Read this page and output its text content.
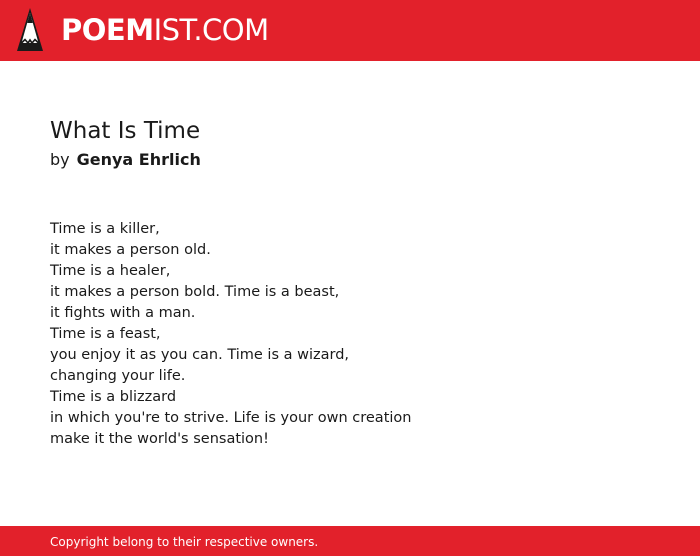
POEMIST.COM
What Is Time
by Genya Ehrlich
Time is a killer,
it makes a person old.
Time is a healer,
it makes a person bold. Time is a beast,
it fights with a man.
Time is a feast,
you enjoy it as you can. Time is a wizard,
changing your life.
Time is a blizzard
in which you're to strive. Life is your own creation
make it the world's sensation!
Copyright belong to their respective owners.
